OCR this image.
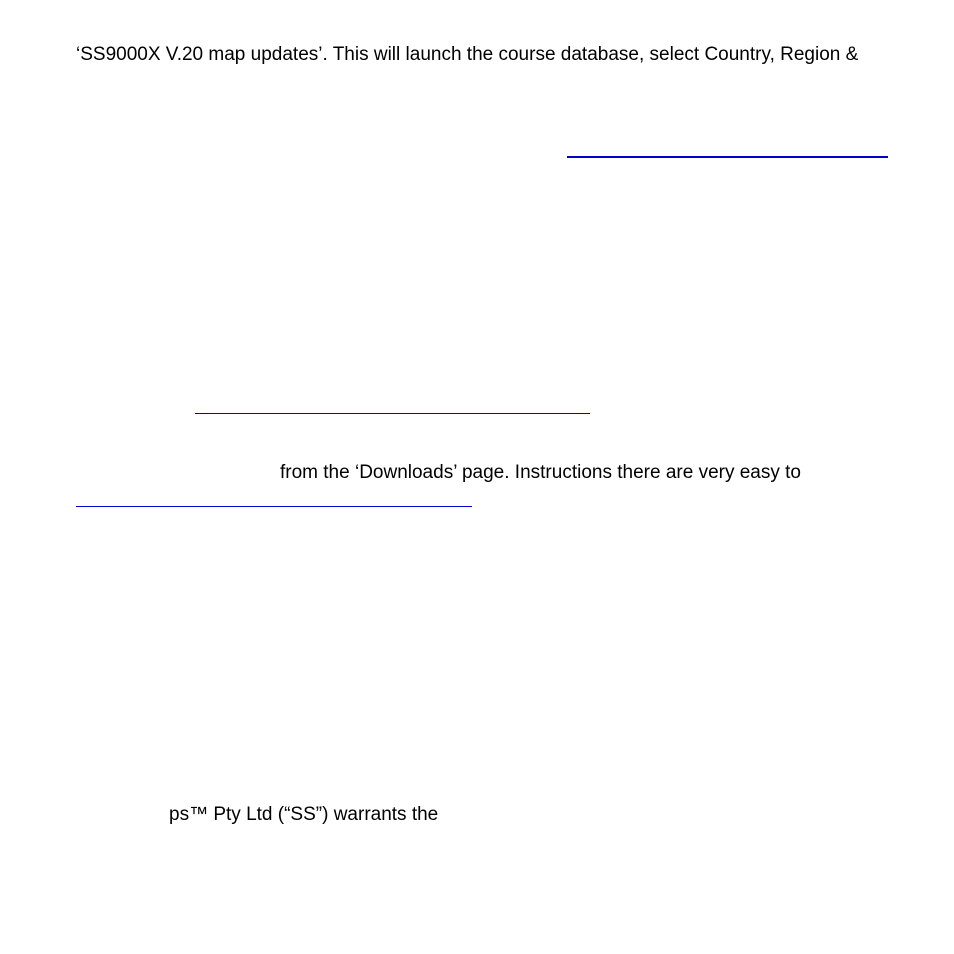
‘SS9000X V.20 map updates’. This will launch the course database, select Country, Region &

from the ‘Downloads’ page. Instructions there are very easy to

ps™ Pty Ltd (“SS”) warrants the
